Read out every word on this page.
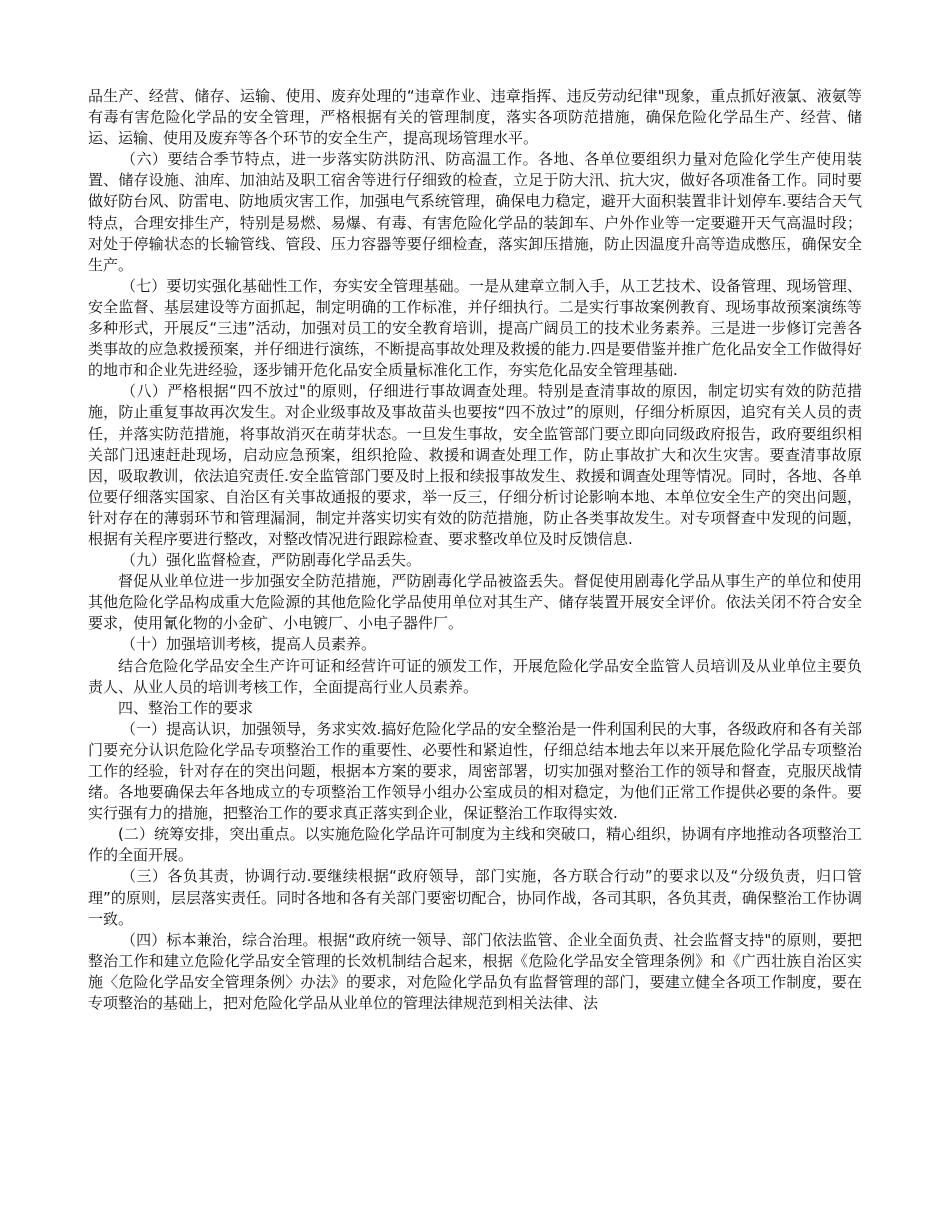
品生产、经营、储存、运输、使用、废弃处理的“违章作业、违章指挥、违反劳动纪律"现象，重点抓好液氯、液氨等有毒有害危险化学品的安全管理，严格根据有关的管理制度，落实各项防范措施，确保危险化学品生产、经营、储运、运输、使用及废弃等各个环节的安全生产，提高现场管理水平。

（六）要结合季节特点，进一步落实防洪防汛、防高温工作。各地、各单位要组织力量对危险化学生产使用装置、储存设施、油库、加油站及职工宿舍等进行仔细致的检查，立足于防大汛、抗大灾，做好各项准备工作。同时要做好防台风、防雷电、防地质灾害工作，加强电气系统管理，确保电力稳定，避开大面积装置非计划停车.要结合天气特点，合理安排生产，特别是易燃、易爆、有毒、有害危险化学品的装卸车、户外作业等一定要避开天气高温时段；对处于停输状态的长输管线、管段、压力容器等要仔细检查，落实卸压措施，防止因温度升高等造成憋压，确保安全生产。

（七）要切实强化基础性工作，夯实安全管理基础。一是从建章立制入手，从工艺技术、设备管理、现场管理、安全监督、基层建设等方面抓起，制定明确的工作标准，并仔细执行。二是实行事故案例教育、现场事故预案演练等多种形式，开展反“三违”活动，加强对员工的安全教育培训，提高广阔员工的技术业务素养。三是进一步修订完善各类事故的应急救援预案，并仔细进行演练，不断提高事故处理及救援的能力.四是要借鉴并推广危化品安全工作做得好的地市和企业先进经验，逐步铺开危化品安全质量标准化工作，夯实危化品安全管理基础.

（八）严格根据“四不放过"的原则，仔细进行事故调查处理。特别是查清事故的原因，制定切实有效的防范措施，防止重复事故再次发生。对企业级事故及事故苗头也要按“四不放过”的原则，仔细分析原因，追究有关人员的责任，并落实防范措施，将事故消灭在萌芽状态。一旦发生事故，安全监管部门要立即向同级政府报告，政府要组织相关部门迅速赶赴现场，启动应急预案，组织抢险、救援和调查处理工作，防止事故扩大和次生灾害。要查清事故原因，吸取教训，依法追究责任.安全监管部门要及时上报和续报事故发生、救援和调查处理等情况。同时，各地、各单位要仔细落实国家、自治区有关事故通报的要求，举一反三，仔细分析讨论影响本地、本单位安全生产的突出问题，针对存在的薄弱环节和管理漏洞，制定并落实切实有效的防范措施，防止各类事故发生。对专项督查中发现的问题，根据有关程序要进行整改，对整改情况进行跟踪检查、要求整改单位及时反馈信息.

（九）强化监督检查，严防剧毒化学品丢失。

督促从业单位进一步加强安全防范措施，严防剧毒化学品被盗丢失。督促使用剧毒化学品从事生产的单位和使用其他危险化学品构成重大危险源的其他危险化学品使用单位对其生产、储存装置开展安全评价。依法关闭不符合安全要求，使用氰化物的小金矿、小电镀厂、小电子器件厂。

（十）加强培训考核，提高人员素养。

结合危险化学品安全生产许可证和经营许可证的颁发工作，开展危险化学品安全监管人员培训及从业单位主要负责人、从业人员的培训考核工作，全面提高行业人员素养。

四、整治工作的要求

（一）提高认识，加强领导，务求实效.搞好危险化学品的安全整治是一件利国利民的大事，各级政府和各有关部门要充分认识危险化学品专项整治工作的重要性、必要性和紧迫性，仔细总结本地去年以来开展危险化学品专项整治工作的经验，针对存在的突出问题，根据本方案的要求，周密部署，切实加强对整治工作的领导和督查，克服厌战情绪。各地要确保去年各地成立的专项整治工作领导小组办公室成员的相对稳定，为他们正常工作提供必要的条件。要实行强有力的措施，把整治工作的要求真正落实到企业，保证整治工作取得实效.

(二）统筹安排，突出重点。以实施危险化学品许可制度为主线和突破口，精心组织，协调有序地推动各项整治工作的全面开展。

（三）各负其责，协调行动.要继续根据“政府领导，部门实施，各方联合行动”的要求以及“分级负责，归口管理”的原则，层层落实责任。同时各地和各有关部门要密切配合，协同作战，各司其职，各负其责，确保整治工作协调一致。

（四）标本兼治，综合治理。根据“政府统一领导、部门依法监管、企业全面负责、社会监督支持"的原则，要把整治工作和建立危险化学品安全管理的长效机制结合起来，根据《危险化学品安全管理条例》和《广西壮族自治区实施〈危险化学品安全管理条例〉办法》的要求，对危险化学品负有监督管理的部门，要建立健全各项工作制度，要在专项整治的基础上，把对危险化学品从业单位的管理法律规范到相关法律、法
